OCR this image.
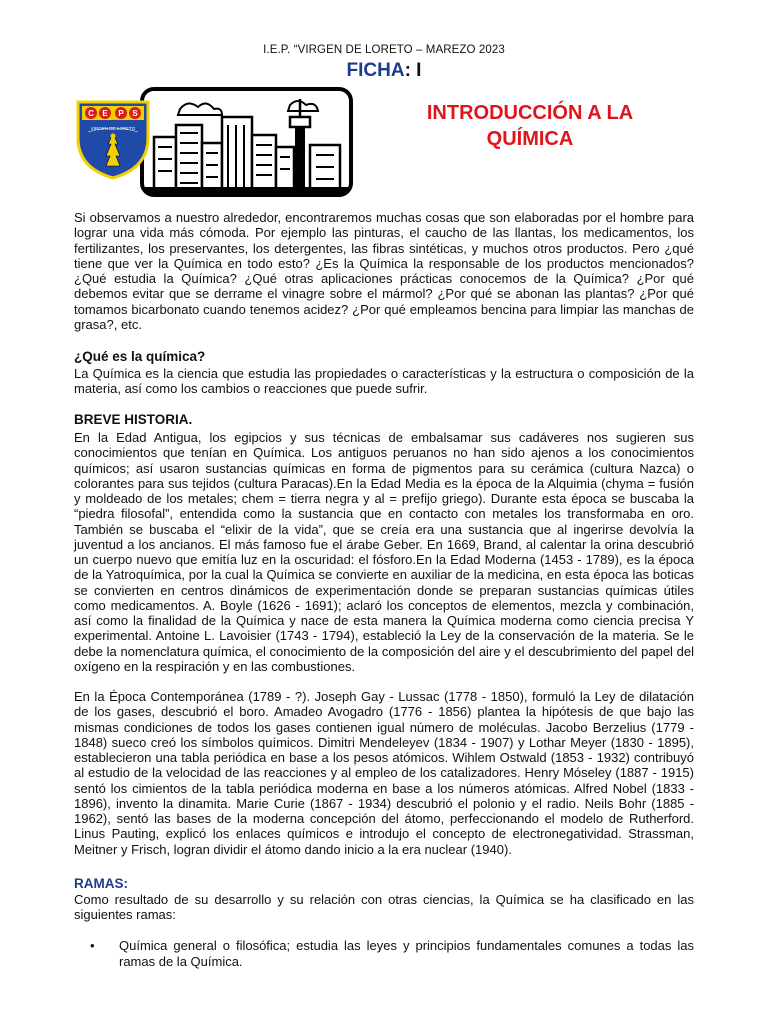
I.E.P. “VIRGEN DE LORETO – MAREZO 2023
FICHA: I
C E P S
VIRGEN DE LORETO
INTRODUCCIÓN A LA
QUÍMICA
Si observamos a nuestro alrededor, encontraremos muchas cosas que son elaboradas por el hombre para lograr una vida más cómoda. Por ejemplo las pinturas, el caucho de las llantas, los medicamentos, los fertilizantes, los preservantes, los detergentes, las fibras sintéticas, y muchos otros productos. Pero ¿qué tiene que ver la Química en todo esto? ¿Es la Química la responsable de los productos mencionados? ¿Qué estudia la Química? ¿Qué otras aplicaciones prácticas conocemos de la Química? ¿Por qué debemos evitar que se derrame el vinagre sobre el mármol? ¿Por qué se abonan las plantas? ¿Por qué tomamos bicarbonato cuando tenemos acidez? ¿Por qué empleamos bencina para limpiar las manchas de grasa?, etc.
¿Qué es la química?
La Química es la ciencia que estudia las propiedades o características y la estructura o composición de la materia, así como los cambios o reacciones que puede sufrir.
BREVE HISTORIA.
En la Edad Antigua, los egipcios y sus técnicas de embalsamar sus cadáveres nos sugieren sus conocimientos que tenían en Química. Los antiguos peruanos no han sido ajenos a los conocimientos químicos; así usaron sustancias químicas en forma de pigmentos para su cerámica (cultura Nazca) o colorantes para sus tejidos (cultura Paracas).En la Edad Media es la época de la Alquimia (chyma = fusión y moldeado de los metales; chem = tierra negra y al = prefijo griego). Durante esta época se buscaba la “piedra filosofal”, entendida como la sustancia que en contacto con metales los transformaba en oro. También se buscaba el “elixir de la vida”, que se creía era una sustancia que al ingerirse devolvía la juventud a los ancianos. El más famoso fue el árabe Geber. En 1669, Brand, al calentar la orina descubrió un cuerpo nuevo que emitía luz en la oscuridad: el fósforo.En la Edad Moderna (1453 - 1789), es la época de la Yatroquímica, por la cual la Química se convierte en auxiliar de la medicina, en esta época las boticas se convierten en centros dinámicos de experimentación donde se preparan sustancias químicas útiles como medicamentos. A. Boyle (1626 - 1691); aclaró los conceptos de elementos, mezcla y combinación, así como la finalidad de la Química y nace de esta manera la Química moderna como ciencia precisa Y experimental. Antoine L. Lavoisier (1743 - 1794), estableció la Ley de la conservación de la materia. Se le debe la nomenclatura química, el conocimiento de la composición del aire y el descubrimiento del papel del oxígeno en la respiración y en las combustiones.
En la Época Contemporánea (1789 - ?). Joseph Gay - Lussac (1778 - 1850), formuló la Ley de dilatación de los gases, descubrió el boro. Amadeo Avogadro (1776 - 1856) plantea la hipótesis de que bajo las mismas condiciones de todos los gases contienen igual número de moléculas. Jacobo Berzelius (1779 - 1848) sueco creó los símbolos químicos. Dimitri Mendeleyev (1834 - 1907) y Lothar Meyer (1830 - 1895), establecieron una tabla periódica en base a los pesos atómicos. Wihlem Ostwald (1853 - 1932) contribuyó al estudio de la velocidad de las reacciones y al empleo de los catalizadores. Henry Móseley (1887 - 1915) sentó los cimientos de la tabla periódica moderna en base a los números atómicas. Alfred Nobel (1833 - 1896), invento la dinamita. Marie Curie (1867 - 1934) descubrió el polonio y el radio. Neils Bohr (1885 - 1962), sentó las bases de la moderna concepción del átomo, perfeccionando el modelo de Rutherford. Linus Pauting, explicó los enlaces químicos e introdujo el concepto de electronegatividad. Strassman, Meitner y Frisch, logran dividir el átomo dando inicio a la era nuclear (1940).
RAMAS:
Como resultado de su desarrollo y su relación con otras ciencias, la Química se ha clasificado en las siguientes ramas:
• Química general o filosófica; estudia las leyes y principios fundamentales comunes a todas las ramas de la Química.
